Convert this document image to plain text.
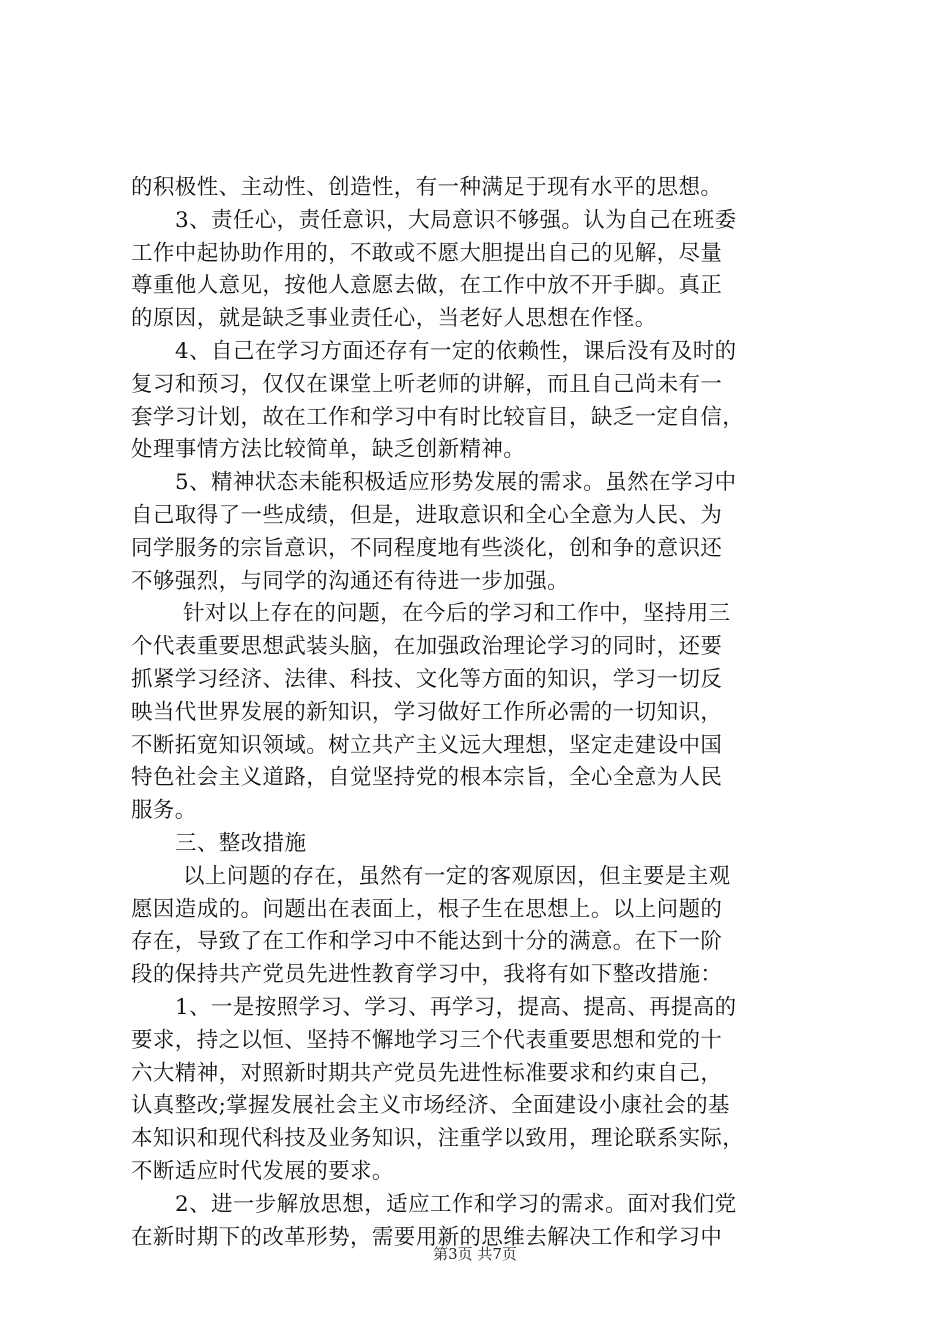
的积极性、主动性、创造性，有一种满足于现有水平的思想。
3、责任心，责任意识，大局意识不够强。认为自己在班委
工作中起协助作用的，不敢或不愿大胆提出自己的见解，尽量
尊重他人意见，按他人意愿去做，在工作中放不开手脚。真正
的原因，就是缺乏事业责任心，当老好人思想在作怪。
4、自己在学习方面还存有一定的依赖性，课后没有及时的
复习和预习，仅仅在课堂上听老师的讲解，而且自己尚未有一
套学习计划，故在工作和学习中有时比较盲目，缺乏一定自信，
处理事情方法比较简单，缺乏创新精神。
5、精神状态未能积极适应形势发展的需求。虽然在学习中
自己取得了一些成绩，但是，进取意识和全心全意为人民、为
同学服务的宗旨意识，不同程度地有些淡化，创和争的意识还
不够强烈，与同学的沟通还有待进一步加强。
针对以上存在的问题，在今后的学习和工作中，坚持用三
个代表重要思想武装头脑，在加强政治理论学习的同时，还要
抓紧学习经济、法律、科技、文化等方面的知识，学习一切反
映当代世界发展的新知识，学习做好工作所必需的一切知识，
不断拓宽知识领域。树立共产主义远大理想，坚定走建设中国
特色社会主义道路，自觉坚持党的根本宗旨，全心全意为人民
服务。
三、整改措施
以上问题的存在，虽然有一定的客观原因，但主要是主观
愿因造成的。问题出在表面上，根子生在思想上。以上问题的
存在，导致了在工作和学习中不能达到十分的满意。在下一阶
段的保持共产党员先进性教育学习中，我将有如下整改措施：
1、一是按照学习、学习、再学习，提高、提高、再提高的
要求，持之以恒、坚持不懈地学习三个代表重要思想和党的十
六大精神，对照新时期共产党员先进性标准要求和约束自己，
认真整改;掌握发展社会主义市场经济、全面建设小康社会的基
本知识和现代科技及业务知识，注重学以致用，理论联系实际，
不断适应时代发展的要求。
2、进一步解放思想，适应工作和学习的需求。面对我们党
在新时期下的改革形势，需要用新的思维去解决工作和学习中
第3页 共7页
